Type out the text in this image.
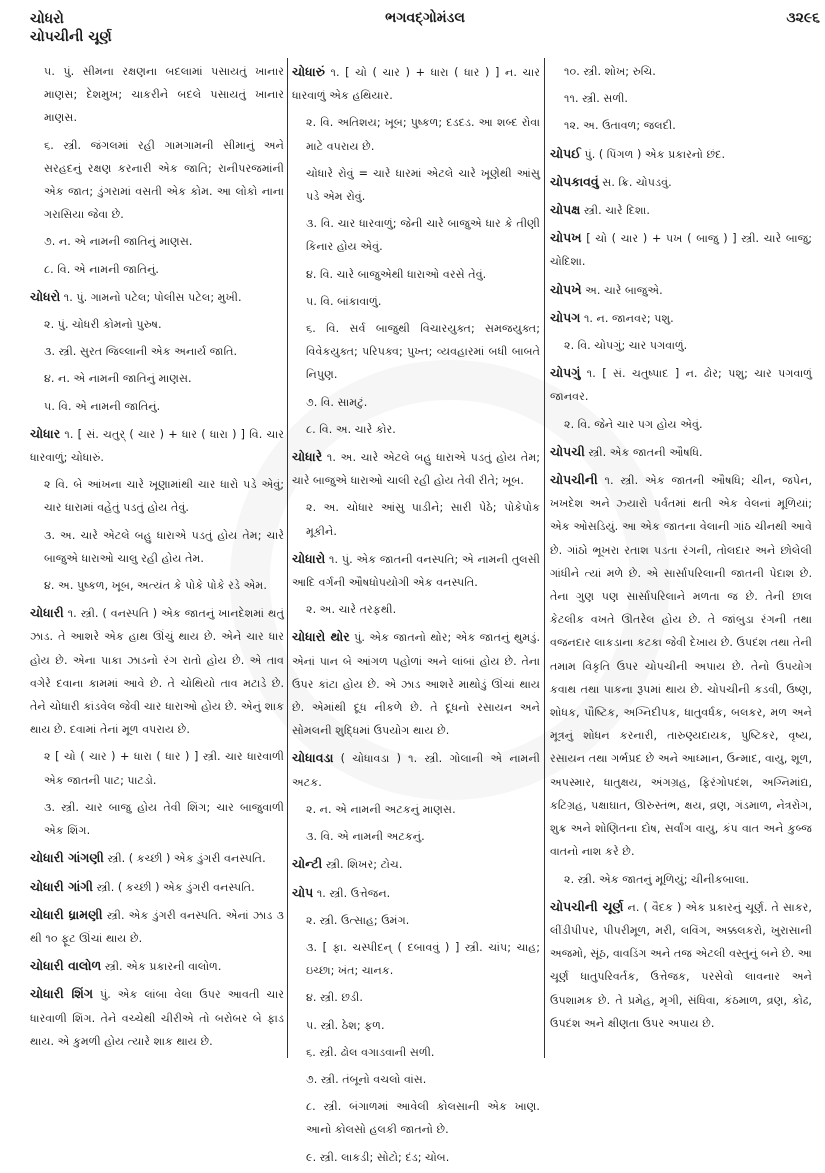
ચોધરો
ચોપચીની ચૂર્ણ
ભગવદ્ગોમંડલ	૩૨૯૬
૫. પું. સીમના રક્ષણના બદલામાં પસાયતું ખાનાર માણસ; દેશમુખ; ચાકરીને બદલે પસાયતું ખાનાર માણસ.
૬. સ્ત્રી. જંગલમાં રહી ગામગામની સીમાનું અને સરહદનું રક્ષણ કરનારી એક જાતિ; રાનીપરજમાંની એક જાત; ડુંગરામાં વસતી એક કોમ. આ લોકો નાના ગરાસિયા જેવા છે.
૭. ન. એ નામની જાતિનું માણસ.
૮. વિ. એ નામની જાતિનું.
ચોધરો ૧. પું. ગામનો પટેલ; પોલીસ પટેલ; મુખી.
૨. પું. ચોધરી કોમનો પુરુષ.
૩. સ્ત્રી. સુરત જિલ્લાની એક અનાર્ય જાતિ.
૪. ન. એ નામની જાતિનું માણસ.
૫. વિ. એ નામની જાતિનું.
ચોધાર ૧. [ સં. ચતુર્ ( ચાર ) + ધાર ( ધારા ) ] વિ. ચાર ધારવાળું; ચોધારું.
૨ વિ. બે આંખના ચારે ખૂણામાંથી ચાર ધારો પડે એવું; ચાર ધારામાં વહેતું પડતું હોય તેવું.
૩. અ. ચારે એટલે બહુ ધારાએ પડતું હોય તેમ; ચારે બાજુએ ધારાઓ ચાલુ રહી હોય તેમ.
૪. અ. પુષ્કળ, ખૂબ, અત્યંત કે પોકે પોકે રડે એમ.
ચોધારી ૧. સ્ત્રી. ( વનસ્પતિ ) એક જાતનું ખાનદેશમાં થતું ઝાડ. તે આશરે એક હાથ ઊંચું થાય છે. એને ચાર ધાર હોય છે. એના પાકા ઝાડનો રંગ રાતો હોય છે. એ તાવ વગેરે દવાના કામમાં આવે છે. તે ચોથિયો તાવ મટાડે છે. તેને ચોધારી કાંડવેલ જેવી ચાર ધારાઓ હોય છે. એનું શાક થાય છે. દવામાં તેનાં મૂળ વપરાય છે.
૨ [ ચો ( ચાર ) + ધારા ( ધાર ) ] સ્ત્રી. ચાર ધારવાળી એક જાતની પાટ; પાટડો.
૩. સ્ત્રી. ચાર બાજુ હોય તેવી શિંગ; ચાર બાજુવાળી એક શિંગ.
ચોધારી ગાંગણી સ્ત્રી. ( કચ્છી ) એક ડુંગરી વનસ્પતિ.
ચોધારી ગાંગી સ્ત્રી. ( કચ્છી ) એક ડુંગરી વનસ્પતિ.
ચોધારી ધ્રામણી સ્ત્રી. એક ડુંગરી વનસ્પતિ. એનાં ઝાડ ૩ થી ૧૦ ફૂટ ઊંચાં થાય છે.
ચોધારી વાલોળ સ્ત્રી. એક પ્રકારની વાલોળ.
ચોધારી શિંગ પું. એક લાંબા વેલા ઉપર આવતી ચાર ધારવાળી શિંગ. તેને વચ્ચેથી ચીરીએ તો બરોબર બે ફાડ થાય. એ કુમળી હોય ત્યારે શાક થાય છે.
ચોધારું ૧. [ ચો ( ચાર ) + ધારા ( ધાર ) ] ન. ચાર ધારવાળું એક હથિયાર.
૨. વિ. અતિશય; ખૂબ; પુષ્કળ; દડદડ. આ શબ્દ રોવા માટે વપરાય છે.
ચોધારે રોવું = ચારે ધારમાં એટલે ચારે ખૂણેથી આંસુ પડે એમ રોવું.
૩. વિ. ચાર ધારવાળું; જેની ચારે બાજુએ ધાર કે તીણી કિનાર હોય એવું.
૪. વિ. ચારે બાજુએથી ધારાઓ વરસે તેવું.
૫. વિ. બાંકાવાળું.
૬. વિ. સર્વ બાજુથી વિચારયુક્ત; સમજયુક્ત; વિવેકયુક્ત; પરિપક્વ; પુખ્ત; વ્યવહારમાં બધી બાબતે નિપુણ.
૭. વિ. સામટું.
૮. વિ. અ. ચારે કોર.
ચોધારે ૧. અ. ચારે એટલે બહુ ધારાએ પડતું હોય તેમ; ચારે બાજુએ ધારાઓ ચાલી રહી હોય તેવી રીતે; ખૂબ.
૨. અ. ચોધાર આંસુ પાડીને; સારી પેઠે; પોકેપોક મૂકીને.
ચોધારો ૧. પું. એક જાતની વનસ્પતિ; એ નામની તુલસી આદિ વર્ગની ઔષધોપયોગી એક વનસ્પતિ.
૨. અ. ચારે તરફથી.
ચોધારો થોર પું. એક જાતનો થોર; એક જાતનું થુમડું. એનાં પાન બે આંગળ પહોળાં અને લાંબાં હોય છે. તેના ઉપર કાંટા હોય છે. એ ઝાડ આશરે માથોડું ઊંચાં થાય છે. એમાંથી દૂધ નીકળે છે. તે દૂધનો રસાયન અને સોમલની શુદ્ધિમાં ઉપયોગ થાય છે.
ચોધાવડા ( ચોધાવડા ) ૧. સ્ત્રી. ગોલાની એ નામની અટક.
૨. ન. એ નામની અટકનું માણસ.
૩. વિ. એ નામની અટકનું.
ચોન્ટી સ્ત્રી. શિખર; ટોચ.
ચોપ ૧. સ્ત્રી. ઉત્તેજન.
૨. સ્ત્રી. ઉત્સાહ; ઉમંગ.
૩. [ ફા. ચસ્પીદન્ ( દબાવવું ) ] સ્ત્રી. ચાંપ; ચાહ; ઇચ્છા; ખંત; ચાનક.
૪. સ્ત્રી. છડી.
૫. સ્ત્રી. ઠેશ; ફળ.
૬. સ્ત્રી. ઢોલ વગાડવાની સળી.
૭. સ્ત્રી. તંબૂનો વચલો વાંસ.
૮. સ્ત્રી. બંગાળમાં આવેલી કોલસાની એક ખાણ. આનો કોલસો હલકી જાતનો છે.
૯. સ્ત્રી. લાકડી; સોટો; દંડ; ચોબ.
૧૦. સ્ત્રી. શોખ; રુચિ.
૧૧. સ્ત્રી. સળી.
૧૨. અ. ઉતાવળ; જલદી.
ચોપઈ પું. ( પિંગળ ) એક પ્રકારનો છંદ.
ચોપકાવવું સ. ક્રિ. ચોપડવું.
ચોપક્ષ સ્ત્રી. ચારે દિશા.
ચોપખ [ ચો ( ચાર ) + પખ ( બાજુ ) ] સ્ત્રી. ચારે બાજુ; ચોદિશા.
ચોપખે અ. ચારે બાજુએ.
ચોપગ ૧. ન. જાનવર; પશુ.
૨. વિ. ચોપગું; ચાર પગવાળું.
ચોપગું ૧. [ સં. ચતુષ્પાદ ] ન. ઢોર; પશુ; ચાર પગવાળું જાનવર.
૨. વિ. જેને ચાર પગ હોય એવું.
ચોપચી સ્ત્રી. એક જાતની ઔષધિ.
ચોપચીની ૧. સ્ત્રી. એક જાતની ઔષધિ; ચીન, જપેન, ખખદેશ અને ઝ્યારો પર્વતમાં થતી એક વેલનાં મૂળિયાં; એક ઓસડિયું. આ એક જાતના વેલાની ગાંઠ ચીનથી આવે છે. ગાંઠો ભૂખરા રતાશ પડતા રંગની, તોલદાર અને છોલેલી ગાંધીને ત્યાં મળે છે. એ સાર્સાપરિલાની જાતની પેદાશ છે. તેના ગુણ પણ સાર્સાપરિલાને મળતા જ છે. તેની છાલ કેટલીક વખતે ઊતરેલ હોય છે. તે જાંબુડા રંગની તથા વજનદાર લાકડાના કટકા જેવી દેખાય છે. ઉપદંશ તથા તેની તમામ વિકૃતિ ઉપર ચોપચીની અપાય છે. તેનો ઉપયોગ કવાથ તથા પાકના રૂપમાં થાય છે. ચોપચીની કડવી, ઉષ્ણ, શોધક, પૌષ્ટિક, અગ્નિદીપક, ધાતુવર્ધક, બલકર, મળ અને મૂત્રનું શોધન કરનારી, તારુણ્યદાયક, પુષ્ટિકર, વૃષ્ય, રસાયન તથા ગર્ભપ્રદ છે અને આધ્માન, ઉન્માદ, વાયુ, શૂળ, અપસ્માર, ધાતુક્ષય, અંગગ્રહ, ફિરંગોપદંશ, અગ્નિમાંદ્ય, કટિગ્રહ, પક્ષાઘાત, ઊરુસ્તંભ, ક્ષય, વ્રણ, ગંડમાળ, નેત્રરોગ, શુક્ર અને શોણિતના દોષ, સર્વાંગ વાયુ, કંપ વાત અને કુબ્જ વાતનો નાશ કરે છે.
૨. સ્ત્રી. એક જાતનું મૂળિયું; ચીનીકબાલા.
ચોપચીની ચૂર્ણ ન. ( વૈદક ) એક પ્રકારનું ચૂર્ણ. તે સાકર, લીંડીપીપર, પીપરીમૂળ, મરી, લવિંગ, અક્કલકરો, ખુરાસાની અજમો, સૂંઠ, વાવડિંગ અને તજ એટલી વસ્તુનું બને છે. આ ચૂર્ણ ધાતુપરિવર્તક, ઉત્તેજક, પરસેવો લાવનાર અને ઉપશામક છે. તે પ્રમેહ, મૃગી, સંધિવા, કંઠમાળ, વ્રણ, કોઢ, ઉપદંશ અને ક્ષીણતા ઉપર અપાય છે.
